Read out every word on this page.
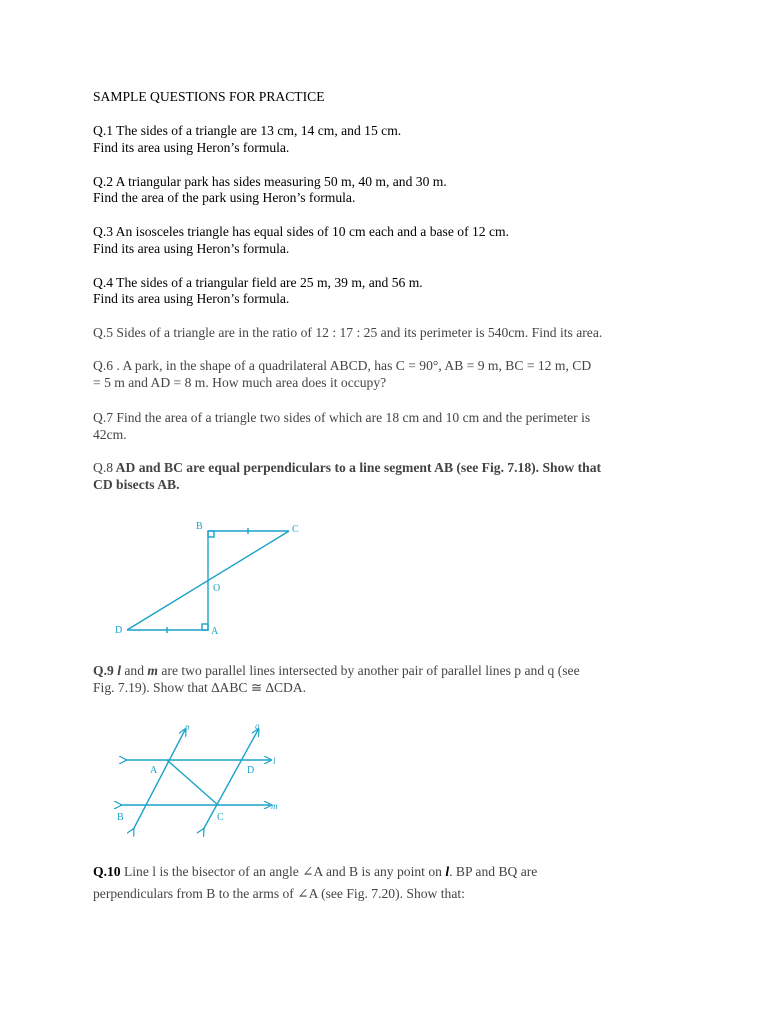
SAMPLE QUESTIONS FOR PRACTICE
Q.1 The sides of a triangle are 13 cm, 14 cm, and 15 cm.
Find its area using Heron’s formula.
Q.2 A triangular park has sides measuring 50 m, 40 m, and 30 m.
Find the area of the park using Heron’s formula.
Q.3 An isosceles triangle has equal sides of 10 cm each and a base of 12 cm.
Find its area using Heron’s formula.
Q.4 The sides of a triangular field are 25 m, 39 m, and 56 m.
Find its area using Heron’s formula.
Q.5 Sides of a triangle are in the ratio of 12 : 17 : 25 and its perimeter is 540cm. Find its area.
Q.6 . A park, in the shape of a quadrilateral ABCD, has C = 90°, AB = 9 m, BC = 12 m, CD
= 5 m and AD = 8 m. How much area does it occupy?
Q.7 Find the area of a triangle two sides of which are 18 cm and 10 cm and the perimeter is
42cm.
Q.8 AD and BC are equal perpendiculars to a line segment AB (see Fig. 7.18). Show that
CD bisects AB.
B	C
O
D	A
Q.9 l and m are two parallel lines intersected by another pair of parallel lines p and q (see
Fig. 7.19). Show that ∆ABC ≅ ∆CDA.
p	q
A	D
l
B	C
m
Q.10 Line l is the bisector of an angle ∠A and B is any point on l. BP and BQ are
perpendiculars from B to the arms of ∠A (see Fig. 7.20). Show that:
